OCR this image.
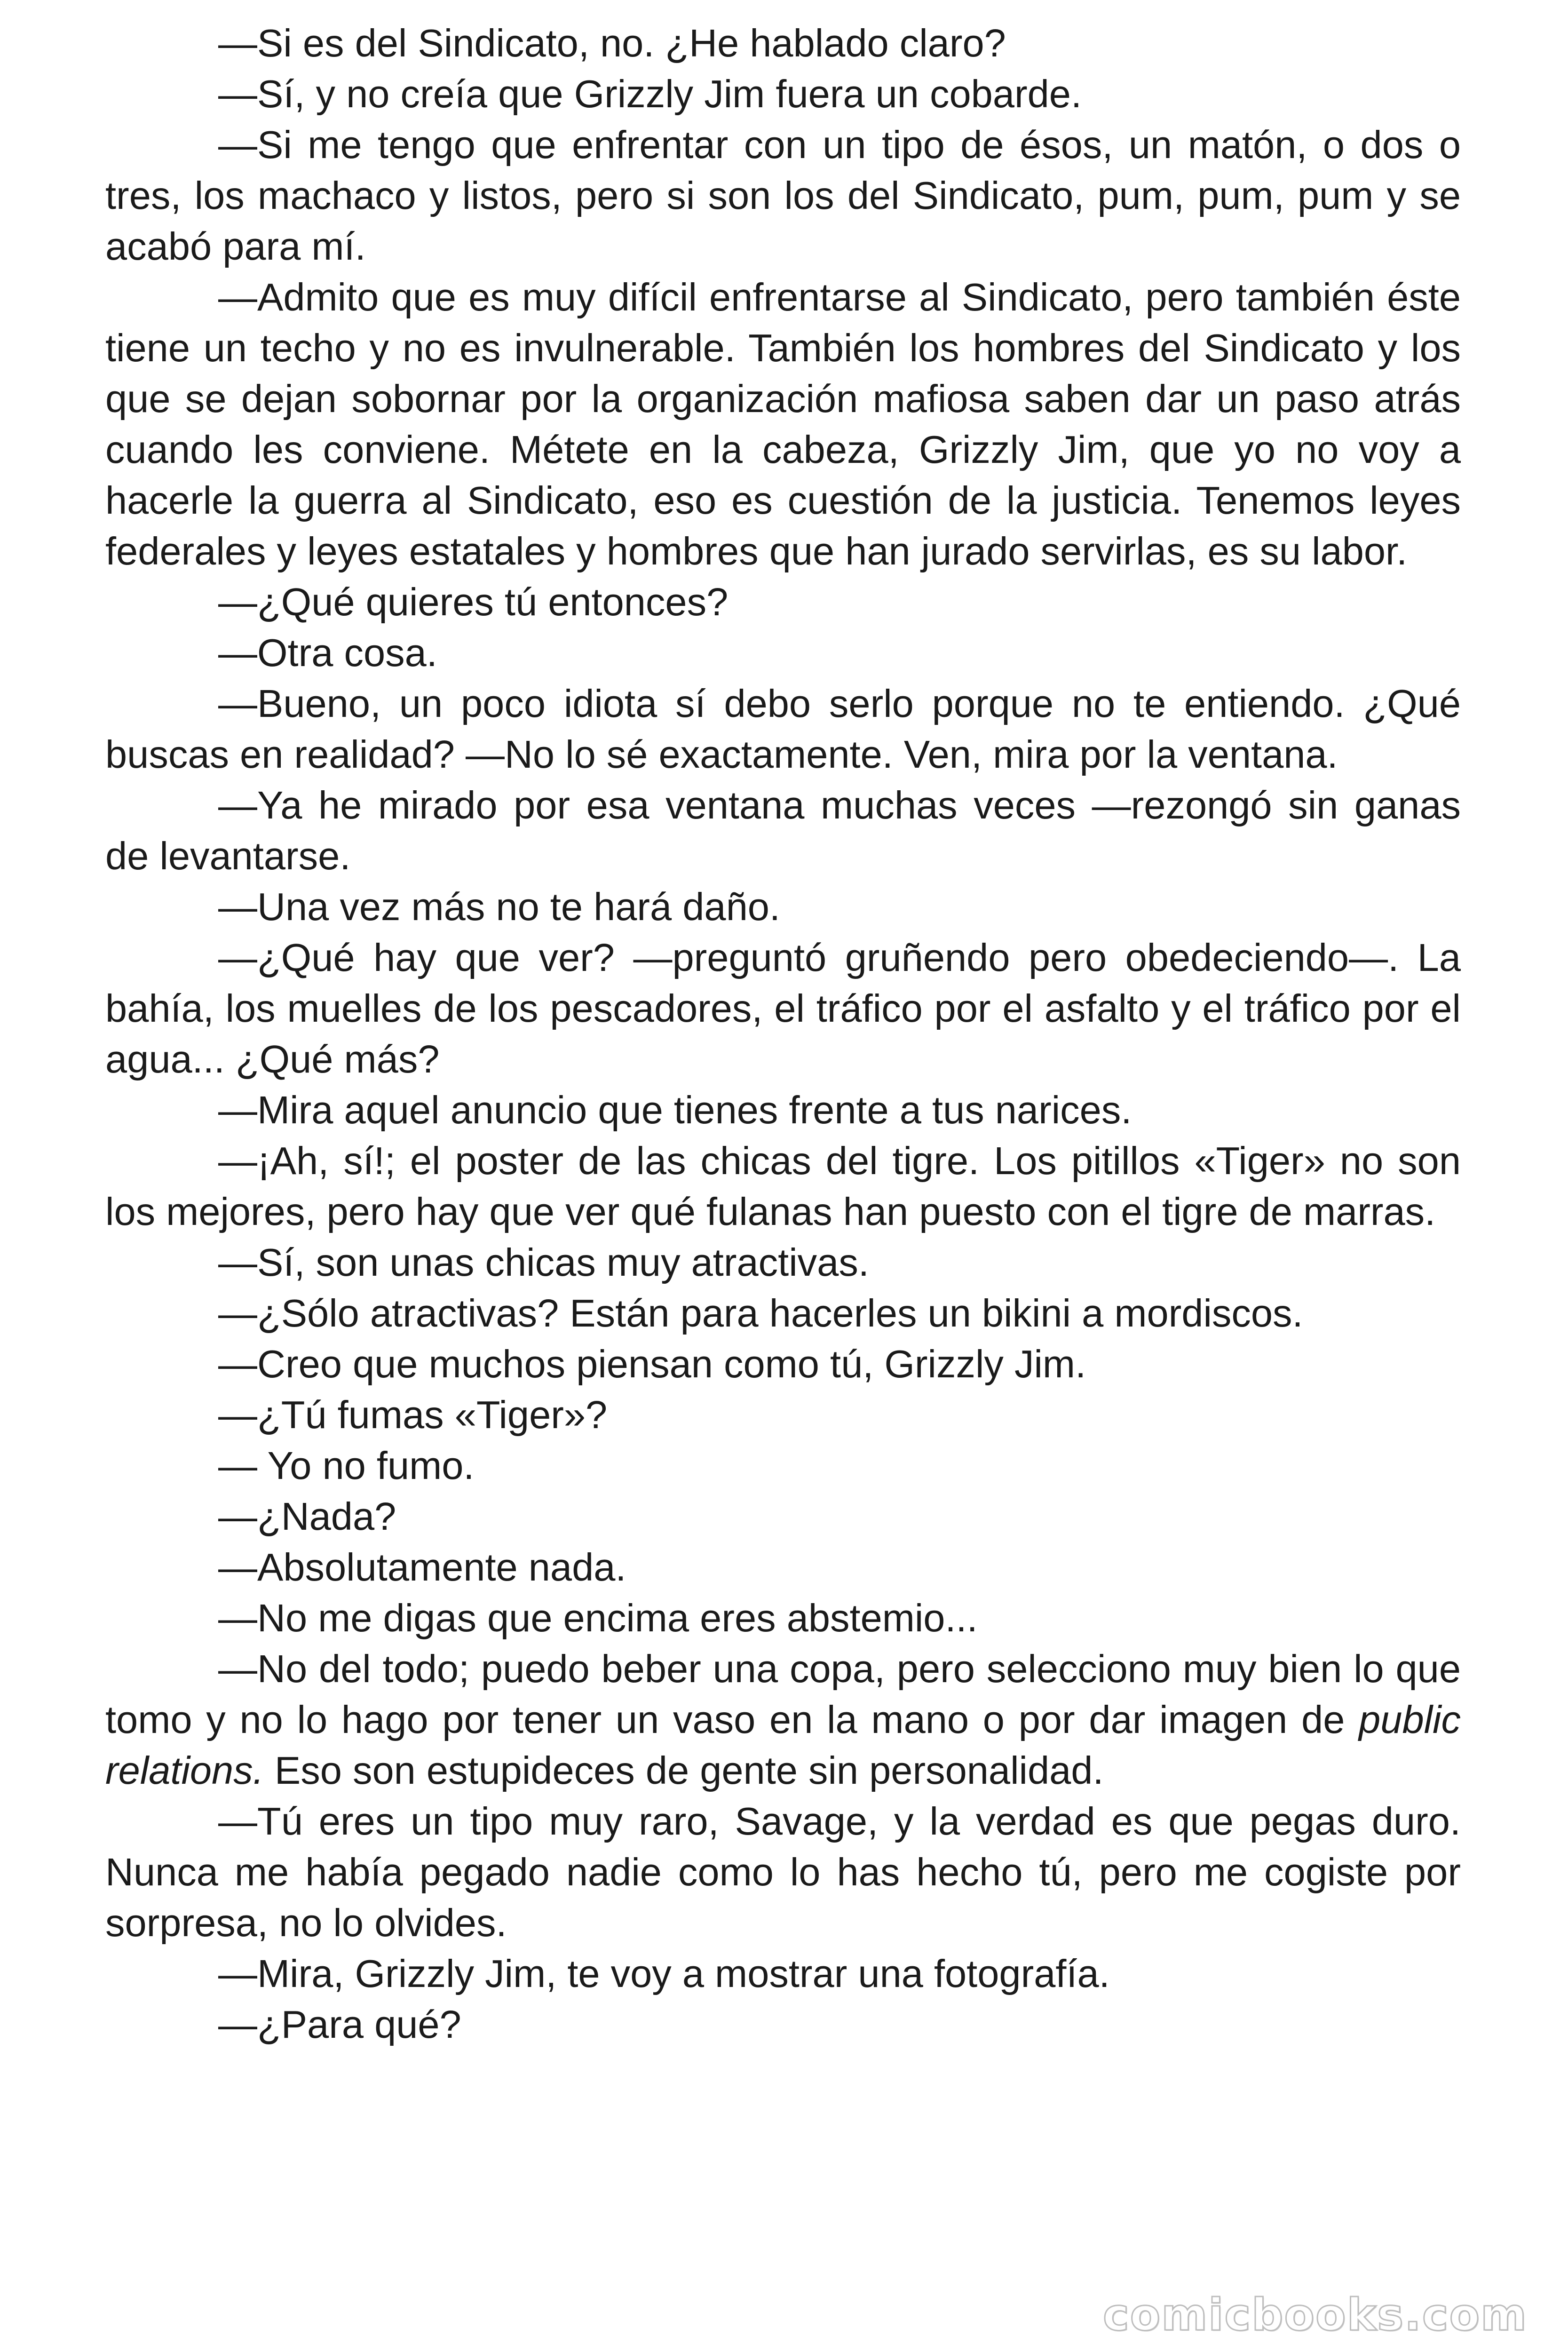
—Si es del Sindicato, no. ¿He hablado claro?

—Sí, y no creía que Grizzly Jim fuera un cobarde.

—Si me tengo que enfrentar con un tipo de ésos, un matón, o dos o tres, los machaco y listos, pero si son los del Sindicato, pum, pum, pum y se acabó para mí.

—Admito que es muy difícil enfrentarse al Sindicato, pero también éste tiene un techo y no es invulnerable. También los hombres del Sindicato y los que se dejan sobornar por la organización mafiosa saben dar un paso atrás cuando les conviene. Métete en la cabeza, Grizzly Jim, que yo no voy a hacerle la guerra al Sindicato, eso es cuestión de la justicia. Tenemos leyes federales y leyes estatales y hombres que han jurado servirlas, es su labor.

—¿Qué quieres tú entonces?

—Otra cosa.

—Bueno, un poco idiota sí debo serlo porque no te entiendo. ¿Qué buscas en realidad? —No lo sé exactamente. Ven, mira por la ventana.

—Ya he mirado por esa ventana muchas veces —rezongó sin ganas de levantarse.

—Una vez más no te hará daño.

—¿Qué hay que ver? —preguntó gruñendo pero obedeciendo—. La bahía, los muelles de los pescadores, el tráfico por el asfalto y el tráfico por el agua... ¿Qué más?

—Mira aquel anuncio que tienes frente a tus narices.

—¡Ah, sí!; el poster de las chicas del tigre. Los pitillos «Tiger» no son los mejores, pero hay que ver qué fulanas han puesto con el tigre de marras.

—Sí, son unas chicas muy atractivas.

—¿Sólo atractivas? Están para hacerles un bikini a mordiscos.

—Creo que muchos piensan como tú, Grizzly Jim.

—¿Tú fumas «Tiger»?

— Yo no fumo.

—¿Nada?

—Absolutamente nada.

—No me digas que encima eres abstemio...

—No del todo; puedo beber una copa, pero selecciono muy bien lo que tomo y no lo hago por tener un vaso en la mano o por dar imagen de public relations. Eso son estupideces de gente sin personalidad.

—Tú eres un tipo muy raro, Savage, y la verdad es que pegas duro. Nunca me había pegado nadie como lo has hecho tú, pero me cogiste por sorpresa, no lo olvides.

—Mira, Grizzly Jim, te voy a mostrar una fotografía.

—¿Para qué?

comicbooks.com
